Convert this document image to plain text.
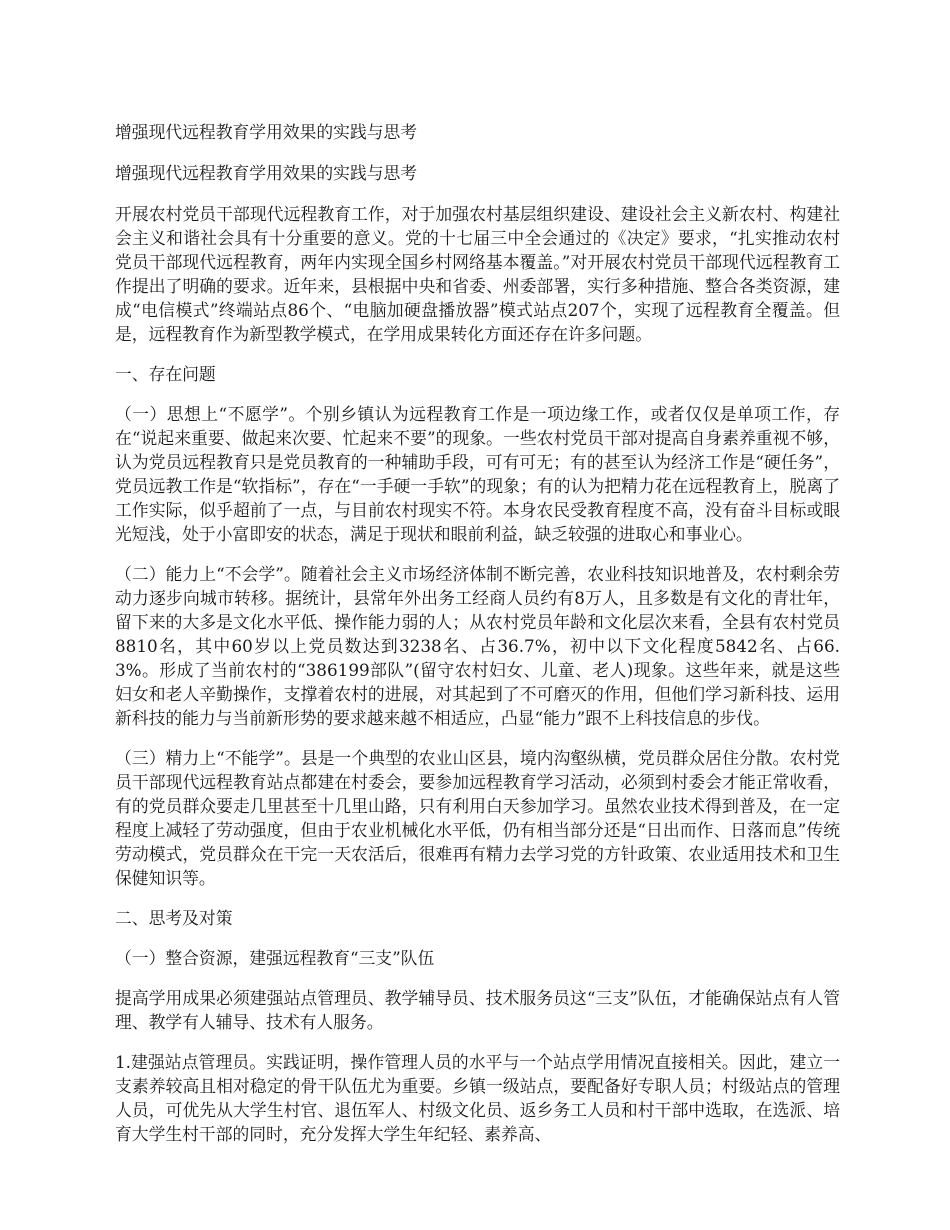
增强现代远程教育学用效果的实践与思考

增强现代远程教育学用效果的实践与思考

开展农村党员干部现代远程教育工作，对于加强农村基层组织建设、建设社会主义新农村、构建社会主义和谐社会具有十分重要的意义。党的十七届三中全会通过的《决定》要求，“扎实推动农村党员干部现代远程教育，两年内实现全国乡村网络基本覆盖。”对开展农村党员干部现代远程教育工作提出了明确的要求。近年来，县根据中央和省委、州委部署，实行多种措施、整合各类资源，建成“电信模式”终端站点86个、“电脑加硬盘播放器”模式站点207个，实现了远程教育全覆盖。但是，远程教育作为新型教学模式，在学用成果转化方面还存在许多问题。

一、存在问题

（一）思想上“不愿学”。个别乡镇认为远程教育工作是一项边缘工作，或者仅仅是单项工作，存在“说起来重要、做起来次要、忙起来不要”的现象。一些农村党员干部对提高自身素养重视不够，认为党员远程教育只是党员教育的一种辅助手段，可有可无；有的甚至认为经济工作是“硬任务”，党员远教工作是“软指标”，存在“一手硬一手软”的现象；有的认为把精力花在远程教育上，脱离了工作实际，似乎超前了一点，与目前农村现实不符。本身农民受教育程度不高，没有奋斗目标或眼光短浅，处于小富即安的状态，满足于现状和眼前利益，缺乏较强的进取心和事业心。

（二）能力上“不会学”。随着社会主义市场经济体制不断完善，农业科技知识地普及，农村剩余劳动力逐步向城市转移。据统计，县常年外出务工经商人员约有8万人，且多数是有文化的青壮年，留下来的大多是文化水平低、操作能力弱的人；从农村党员年龄和文化层次来看，全县有农村党员8810名，其中60岁以上党员数达到3238名、占36.7%，初中以下文化程度5842名、占66.3%。形成了当前农村的“386199部队”(留守农村妇女、儿童、老人)现象。这些年来，就是这些妇女和老人辛勤操作，支撑着农村的进展，对其起到了不可磨灭的作用，但他们学习新科技、运用新科技的能力与当前新形势的要求越来越不相适应，凸显“能力”跟不上科技信息的步伐。

（三）精力上“不能学”。县是一个典型的农业山区县，境内沟壑纵横，党员群众居住分散。农村党员干部现代远程教育站点都建在村委会，要参加远程教育学习活动，必须到村委会才能正常收看，有的党员群众要走几里甚至十几里山路，只有利用白天参加学习。虽然农业技术得到普及，在一定程度上减轻了劳动强度，但由于农业机械化水平低，仍有相当部分还是“日出而作、日落而息”传统劳动模式，党员群众在干完一天农活后，很难再有精力去学习党的方针政策、农业适用技术和卫生保健知识等。

二、思考及对策

（一）整合资源，建强远程教育“三支”队伍

提高学用成果必须建强站点管理员、教学辅导员、技术服务员这“三支”队伍，才能确保站点有人管理、教学有人辅导、技术有人服务。

1.建强站点管理员。实践证明，操作管理人员的水平与一个站点学用情况直接相关。因此，建立一支素养较高且相对稳定的骨干队伍尤为重要。乡镇一级站点，要配备好专职人员；村级站点的管理人员，可优先从大学生村官、退伍军人、村级文化员、返乡务工人员和村干部中选取，在选派、培育大学生村干部的同时，充分发挥大学生年纪轻、素养高、
